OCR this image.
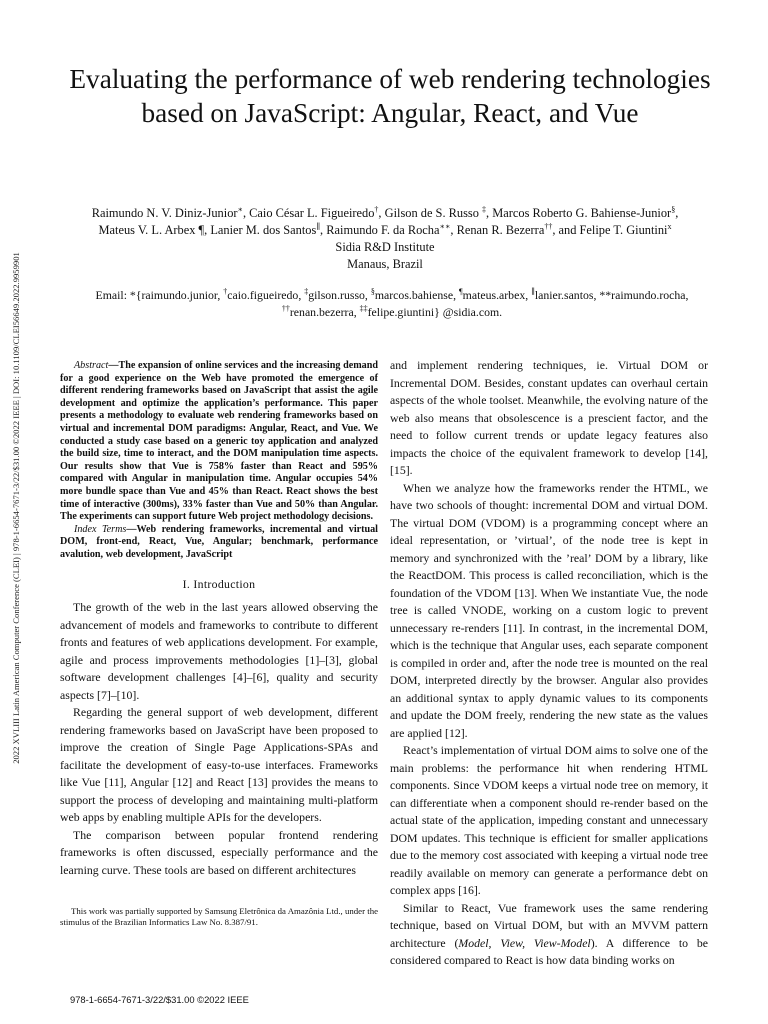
2022 XVLIII Latin American Computer Conference (CLEI) | 978-1-6654-7671-3/22/$31.00 ©2022 IEEE | DOI: 10.1109/CLEI56649.2022.9959901
Evaluating the performance of web rendering technologies based on JavaScript: Angular, React, and Vue
Raimundo N. V. Diniz-Junior∗, Caio César L. Figueiredo†, Gilson de S. Russo ‡, Marcos Roberto G. Bahiense-Junior§,
Mateus V. L. Arbex ¶, Lanier M. dos Santos∥, Raimundo F. da Rocha∗∗, Renan R. Bezerra††, and Felipe T. Giuntini$^x$
Sidia R&D Institute
Manaus, Brazil
Email: *{raimundo.junior, †caio.figueiredo, ‡gilson.russo, §marcos.bahiense, ¶mateus.arbex, ∥lanier.santos, **raimundo.rocha,
††renan.bezerra, ‡‡felipe.giuntini} @sidia.com.

Abstract—The expansion of online services and the increasing demand for a good experience on the Web have promoted the emergence of different rendering frameworks based on JavaScript that assist the agile development and optimize the application’s performance. This paper presents a methodology to evaluate web rendering frameworks based on virtual and incremental DOM paradigms: Angular, React, and Vue. We conducted a study case based on a generic toy application and analyzed the build size, time to interact, and the DOM manipulation time aspects. Our results show that Vue is 758% faster than React and 595% compared with Angular in manipulation time. Angular occupies 54% more bundle space than Vue and 45% than React. React shows the best time of interactive (300ms), 33% faster than Vue and 50% than Angular. The experiments can support future Web project methodology decisions.

Index Terms—Web rendering frameworks, incremental and virtual DOM, front-end, React, Vue, Angular; benchmark, performance avalution, web development, JavaScript

I. Introduction

The growth of the web in the last years allowed observing the advancement of models and frameworks to contribute to different fronts and features of web applications development. For example, agile and process improvements methodologies [1]–[3], global software development challenges [4]–[6], quality and security aspects [7]–[10].

Regarding the general support of web development, different rendering frameworks based on JavaScript have been proposed to improve the creation of Single Page Applications-SPAs and facilitate the development of easy-to-use interfaces. Frameworks like Vue [11], Angular [12] and React [13] provides the means to support the process of developing and maintaining multi-platform web apps by enabling multiple APIs for the developers.

The comparison between popular frontend rendering frameworks is often discussed, especially performance and the learning curve. These tools are based on different architectures

This work was partially supported by Samsung Eletrônica da Amazônia Ltd., under the stimulus of the Brazilian Informatics Law No. 8.387/91.

and implement rendering techniques, ie. Virtual DOM or Incremental DOM. Besides, constant updates can overhaul certain aspects of the whole toolset. Meanwhile, the evolving nature of the web also means that obsolescence is a prescient factor, and the need to follow current trends or update legacy features also impacts the choice of the equivalent framework to develop [14], [15].

When we analyze how the frameworks render the HTML, we have two schools of thought: incremental DOM and virtual DOM. The virtual DOM (VDOM) is a programming concept where an ideal representation, or ’virtual’, of the node tree is kept in memory and synchronized with the ’real’ DOM by a library, like the ReactDOM. This process is called reconciliation, which is the foundation of the VDOM [13]. When We instantiate Vue, the node tree is called VNODE, working on a custom logic to prevent unnecessary re-renders [11]. In contrast, in the incremental DOM, which is the technique that Angular uses, each separate component is compiled in order and, after the node tree is mounted on the real DOM, interpreted directly by the browser. Angular also provides an additional syntax to apply dynamic values to its components and update the DOM freely, rendering the new state as the values are applied [12].

React’s implementation of virtual DOM aims to solve one of the main problems: the performance hit when rendering HTML components. Since VDOM keeps a virtual node tree on memory, it can differentiate when a component should re-render based on the actual state of the application, impeding constant and unnecessary DOM updates. This technique is efficient for smaller applications due to the memory cost associated with keeping a virtual node tree readily available on memory can generate a performance debt on complex apps [16].

Similar to React, Vue framework uses the same rendering technique, based on Virtual DOM, but with an MVVM pattern architecture (Model, View, View-Model). A difference to be considered compared to React is how data binding works on

978-1-6654-7671-3/22/$31.00 ©2022 IEEE
